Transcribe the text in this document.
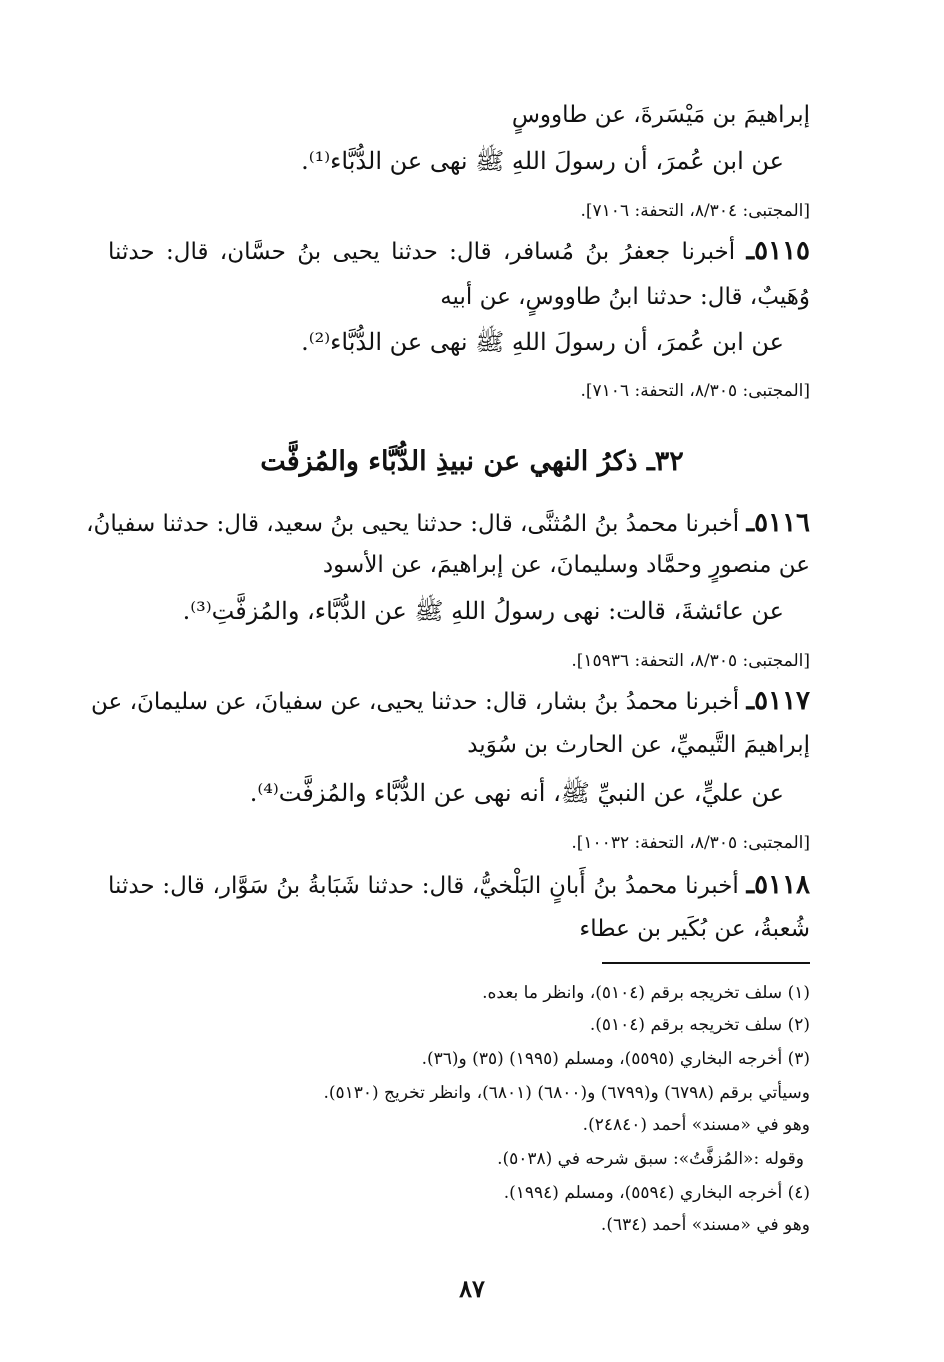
إبراهيمَ بن مَيْسَرةَ، عن طاووسٍ
عن ابن عُمرَ، أن رسولَ اللهِ ﷺ نهى عن الدُّبَّاء⁽¹⁾.
[المجتبى: ٨/٣٠٤، التحفة: ٧١٠٦].
٥١١٥ـ أخبرنا جعفرُ بنُ مُسافر، قال: حدثنا يحيى بنُ حسَّان، قال: حدثنا
وُهَيبٌ، قال: حدثنا ابنُ طاووسٍ، عن أبيه
عن ابن عُمرَ، أن رسولَ اللهِ ﷺ نهى عن الدُّبَّاء⁽²⁾.
[المجتبى: ٨/٣٠٥، التحفة: ٧١٠٦].
٣٢ـ ذكرُ النهي عن نبيذِ الدُّبَّاء والمُزفَّت
٥١١٦ـ أخبرنا محمدُ بنُ المُثنَّى، قال: حدثنا يحيى بنُ سعيد، قال: حدثنا سفيانُ،
عن منصورٍ وحمَّاد وسليمانَ، عن إبراهيمَ، عن الأسود
عن عائشةَ، قالت: نهى رسولُ اللهِ ﷺ عن الدُّبَّاء، والمُزفَّتِ⁽³⁾.
[المجتبى: ٨/٣٠٥، التحفة: ١٥٩٣٦].
٥١١٧ـ أخبرنا محمدُ بنُ بشار، قال: حدثنا يحيى، عن سفيانَ، عن سليمانَ، عن
إبراهيمَ التَّيميِّ، عن الحارث بن سُوَيد
عن عليٍّ، عن النبيِّ ﷺ، أنه نهى عن الدُّبَّاء والمُزفَّت⁽⁴⁾.
[المجتبى: ٨/٣٠٥، التحفة: ١٠٠٣٢].
٥١١٨ـ أخبرنا محمدُ بنُ أَبانٍ البَلْخيُّ، قال: حدثنا شَبَابةُ بنُ سَوَّار، قال: حدثنا
شُعبةُ، عن بُكَير بن عطاء
(١) سلف تخريجه برقم (٥١٠٤)، وانظر ما بعده.
(٢) سلف تخريجه برقم (٥١٠٤).
(٣) أخرجه البخاري (٥٥٩٥)، ومسلم (١٩٩٥) (٣٥) و(٣٦).
وسيأتي برقم (٦٧٩٨) و(٦٧٩٩) و(٦٨٠٠) (٦٨٠١)، وانظر تخريج (٥١٣٠).
وهو في «مسند» أحمد (٢٤٨٤٠).
وقوله :«المُزفَّتُ»: سبق شرحه في (٥٠٣٨).
(٤) أخرجه البخاري (٥٥٩٤)، ومسلم (١٩٩٤).
وهو في «مسند» أحمد (٦٣٤).
٨٧
